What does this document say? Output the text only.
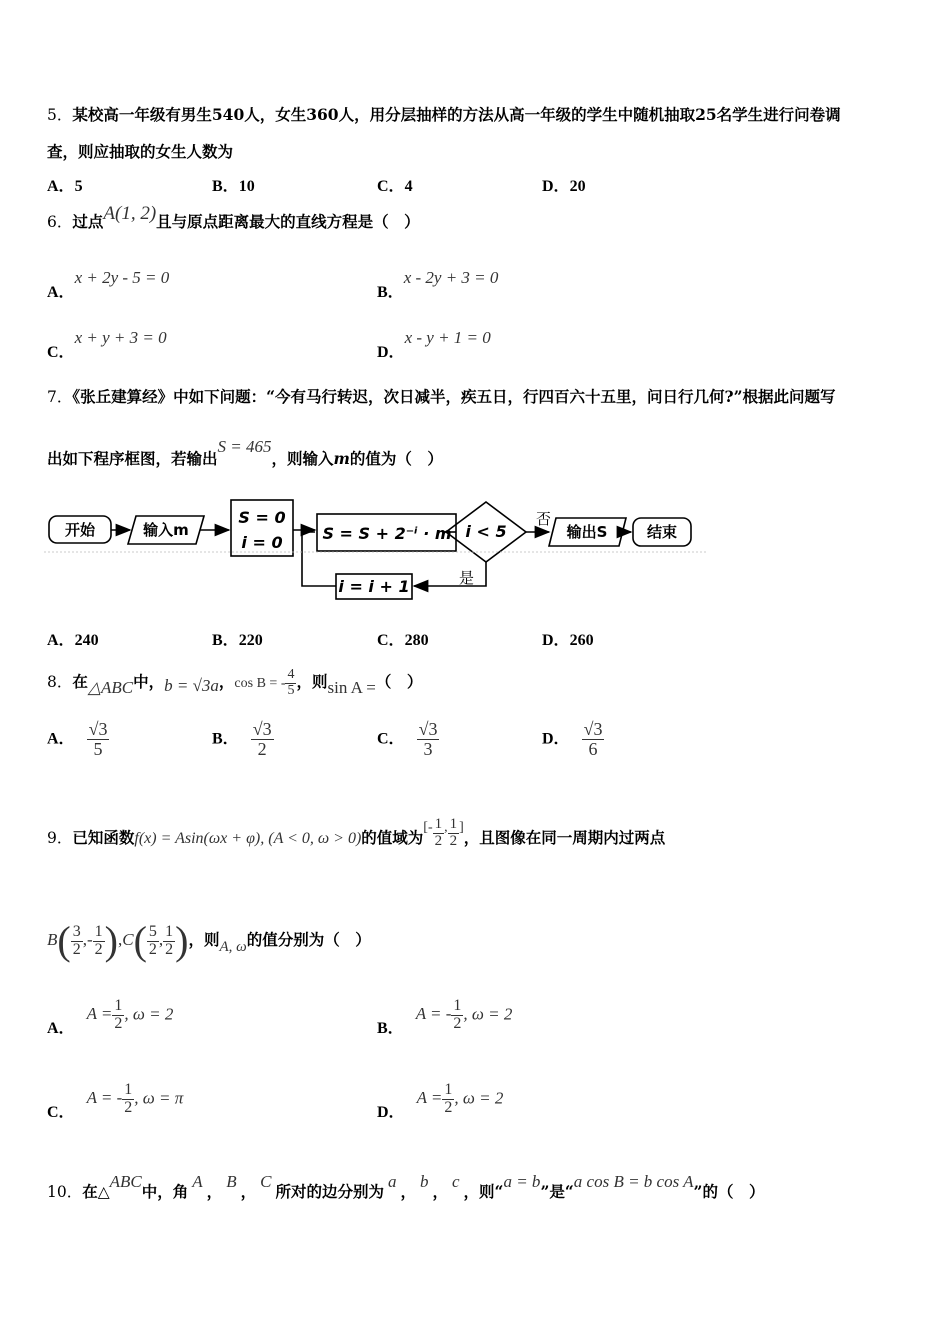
5．某校高一年级有男生540人，女生360人，用分层抽样的方法从高一年级的学生中随机抽取25名学生进行问卷调
查，则应抽取的女生人数为
A．5	B．10	C．4	D．20
6．过点A(1, 2)且与原点距离最大的直线方程是（　）
A．x + 2y - 5 = 0
B．x - 2y + 3 = 0
C．x + y + 3 = 0
D．x - y + 1 = 0
7．《张丘建算经》中如下问题：“今有马行转迟，次日减半，疾五日，行四百六十五里，问日行几何?”根据此问题写
出如下程序框图，若输出S = 465，则输入m的值为（　）
开始	输入m
S = 0
i = 0 S = S + 2⁻ⁱ · m i < 5
否
是
输出S	结束
i = i + 1
A．240	B．220	C．280	D．260
8．在△ABC中，b = √3a，cos B = - $\frac{4}{5}$ ，则sin A =（　）
A． $\frac{√3}{5}$	B． $\frac{√3}{2}$	C． $\frac{√3}{3}$	D． $\frac{√3}{6}$
9．已知函数f(x) = Asin(ωx + φ), (A < 0, ω > 0)的值域为[- $\frac{1}{2}$ , $\frac{1}{2}$ ]，且图像在同一周期内过两点
$B( \frac{3}{2}$ ,- $\frac{1}{2} ),C( \frac{5}{2}$ , $\frac{1}{2}$ )，则A, ω的值分别为（　）
A．$A = \frac{1}{2}$ , ω = 2
B．A = - $\frac{1}{2}$ , ω = 2
C．A = - $\frac{1}{2}$ , ω = π
D．$A = \frac{1}{2}$ , ω = 2
10．在△ABC中，角A，B，C所对的边分别为a，b，c，则“a = b”是“a cos B = b cos A”的（　）
